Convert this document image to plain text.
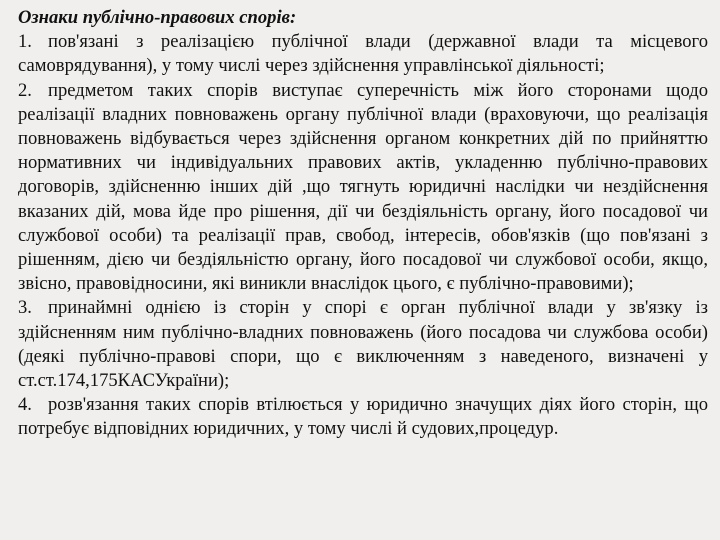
Ознаки публічно-правових спорів:

1. пов'язані з реалізацією публічної влади (державної влади та місцевого самоврядування), у тому числі через здійснення управлінської діяльності;

2. предметом таких спорів виступає суперечність між його сторонами щодо реалізації владних повноважень органу публічної влади (враховуючи, що реалізація повноважень відбувається через здійснення органом конкретних дій по прийняттю нормативних чи індивідуальних правових актів, укладенню публічно-правових договорів, здійсненню інших дій ,що тягнуть юридичні наслідки чи нездійснення вказаних дій, мова йде про рішення, дії чи бездіяльність органу, його посадової чи службової особи) та реалізації прав, свобод, інтересів, обов'язків (що пов'язані з рішенням, дією чи бездіяльністю органу, його посадової чи службової особи, якщо, звісно, правовідносини, які виникли внаслідок цього, є публічно-правовими);

3. принаймні однією із сторін у спорі є орган публічної влади у зв'язку із здійсненням ним публічно-владних повноважень (його посадова чи службова особи) (деякі публічно-правові спори, що є виключенням з наведеного, визначені у ст.ст.174,175КАСУкраїни);

4. розв'язання таких спорів втілюється у юридично значущих діях його сторін, що потребує відповідних юридичних, у тому числі й судових,процедур.
